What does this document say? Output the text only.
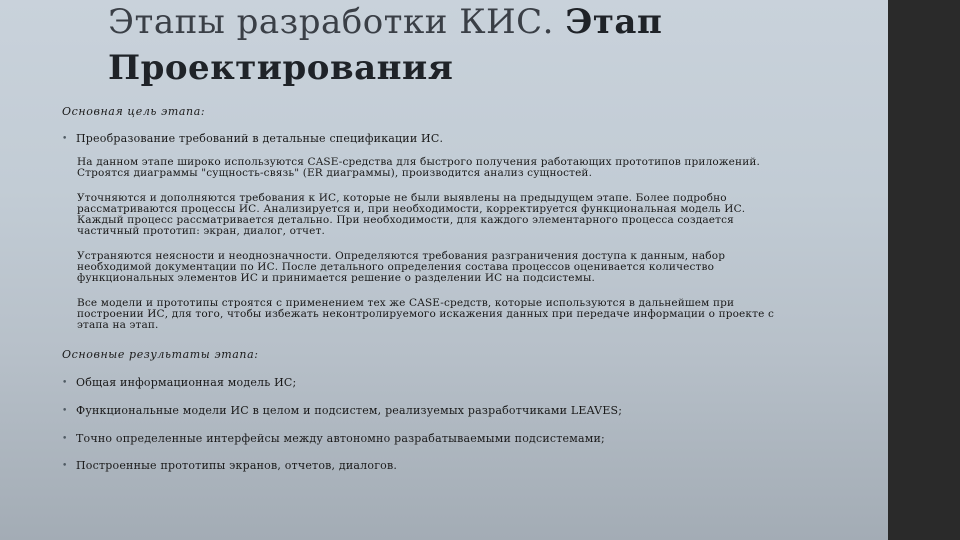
Этапы разработки КИС. Этап
Проектирования
Основная цель этапа:
• Преобразование требований в детальные спецификации ИС.
На данном этапе широко используются CASE-средства для быстрого получения работающих прототипов приложений. Строятся диаграммы "сущность-связь" (ER диаграммы), производится анализ сущностей.
Уточняются и дополняются требования к ИС, которые не были выявлены на предыдущем этапе. Более подробно рассматриваются процессы ИС. Анализируется и, при необходимости, корректируется функциональная модель ИС. Каждый процесс рассматривается детально. При необходимости, для каждого элементарного процесса создается частичный прототип: экран, диалог, отчет.
Устраняются неясности и неоднозначности. Определяются требования разграничения доступа к данным, набор необходимой документации по ИС. После детального определения состава процессов оценивается количество функциональных элементов ИС и принимается решение о разделении ИС на подсистемы.
Все модели и прототипы строятся с применением тех же CASE-средств, которые используются в дальнейшем при построении ИС, для того, чтобы избежать неконтролируемого искажения данных при передаче информации о проекте с этапа на этап.
Основные результаты этапа:
• Общая информационная модель ИС;
• Функциональные модели ИС в целом и подсистем, реализуемых разработчиками LEAVES;
• Точно определенные интерфейсы между автономно разрабатываемыми подсистемами;
• Построенные прототипы экранов, отчетов, диалогов.
